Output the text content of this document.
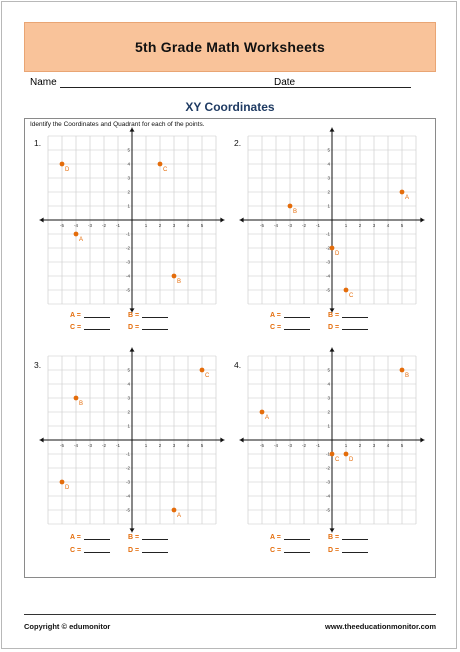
5th Grade Math Worksheets
Name	Date
XY Coordinates
Identify the Coordinates and Quadrant for each of the points.
1.	2.
3.	4.
-5
-5
-4
-4
-3
-3
-2
-2
-1
-1
1
1
2
2
3
3
4
4
5
5
A
B
C
D
-5
-5
-4
-4
-3
-3
-2
-2
-1
-1
1
1
2
2
3
3
4
4
5
5
A
B
C
D
-5
-5
-4
-4
-3
-3
-2
-2
-1
-1
1
1
2
2
3
3
4
4
5
5
A
B
C
D
-5
-5
-4
-4
-3
-3
-2
-2
-1
-1
1
1
2
2
3
3
4
4
5
5
A
B
C D
A =	B =
C =	D =
A =	B =
C =	D =
A =	B =
C =	D =
A =	B =
C =	D =
Copyright © edumonitor	www.theeducationmonitor.com
